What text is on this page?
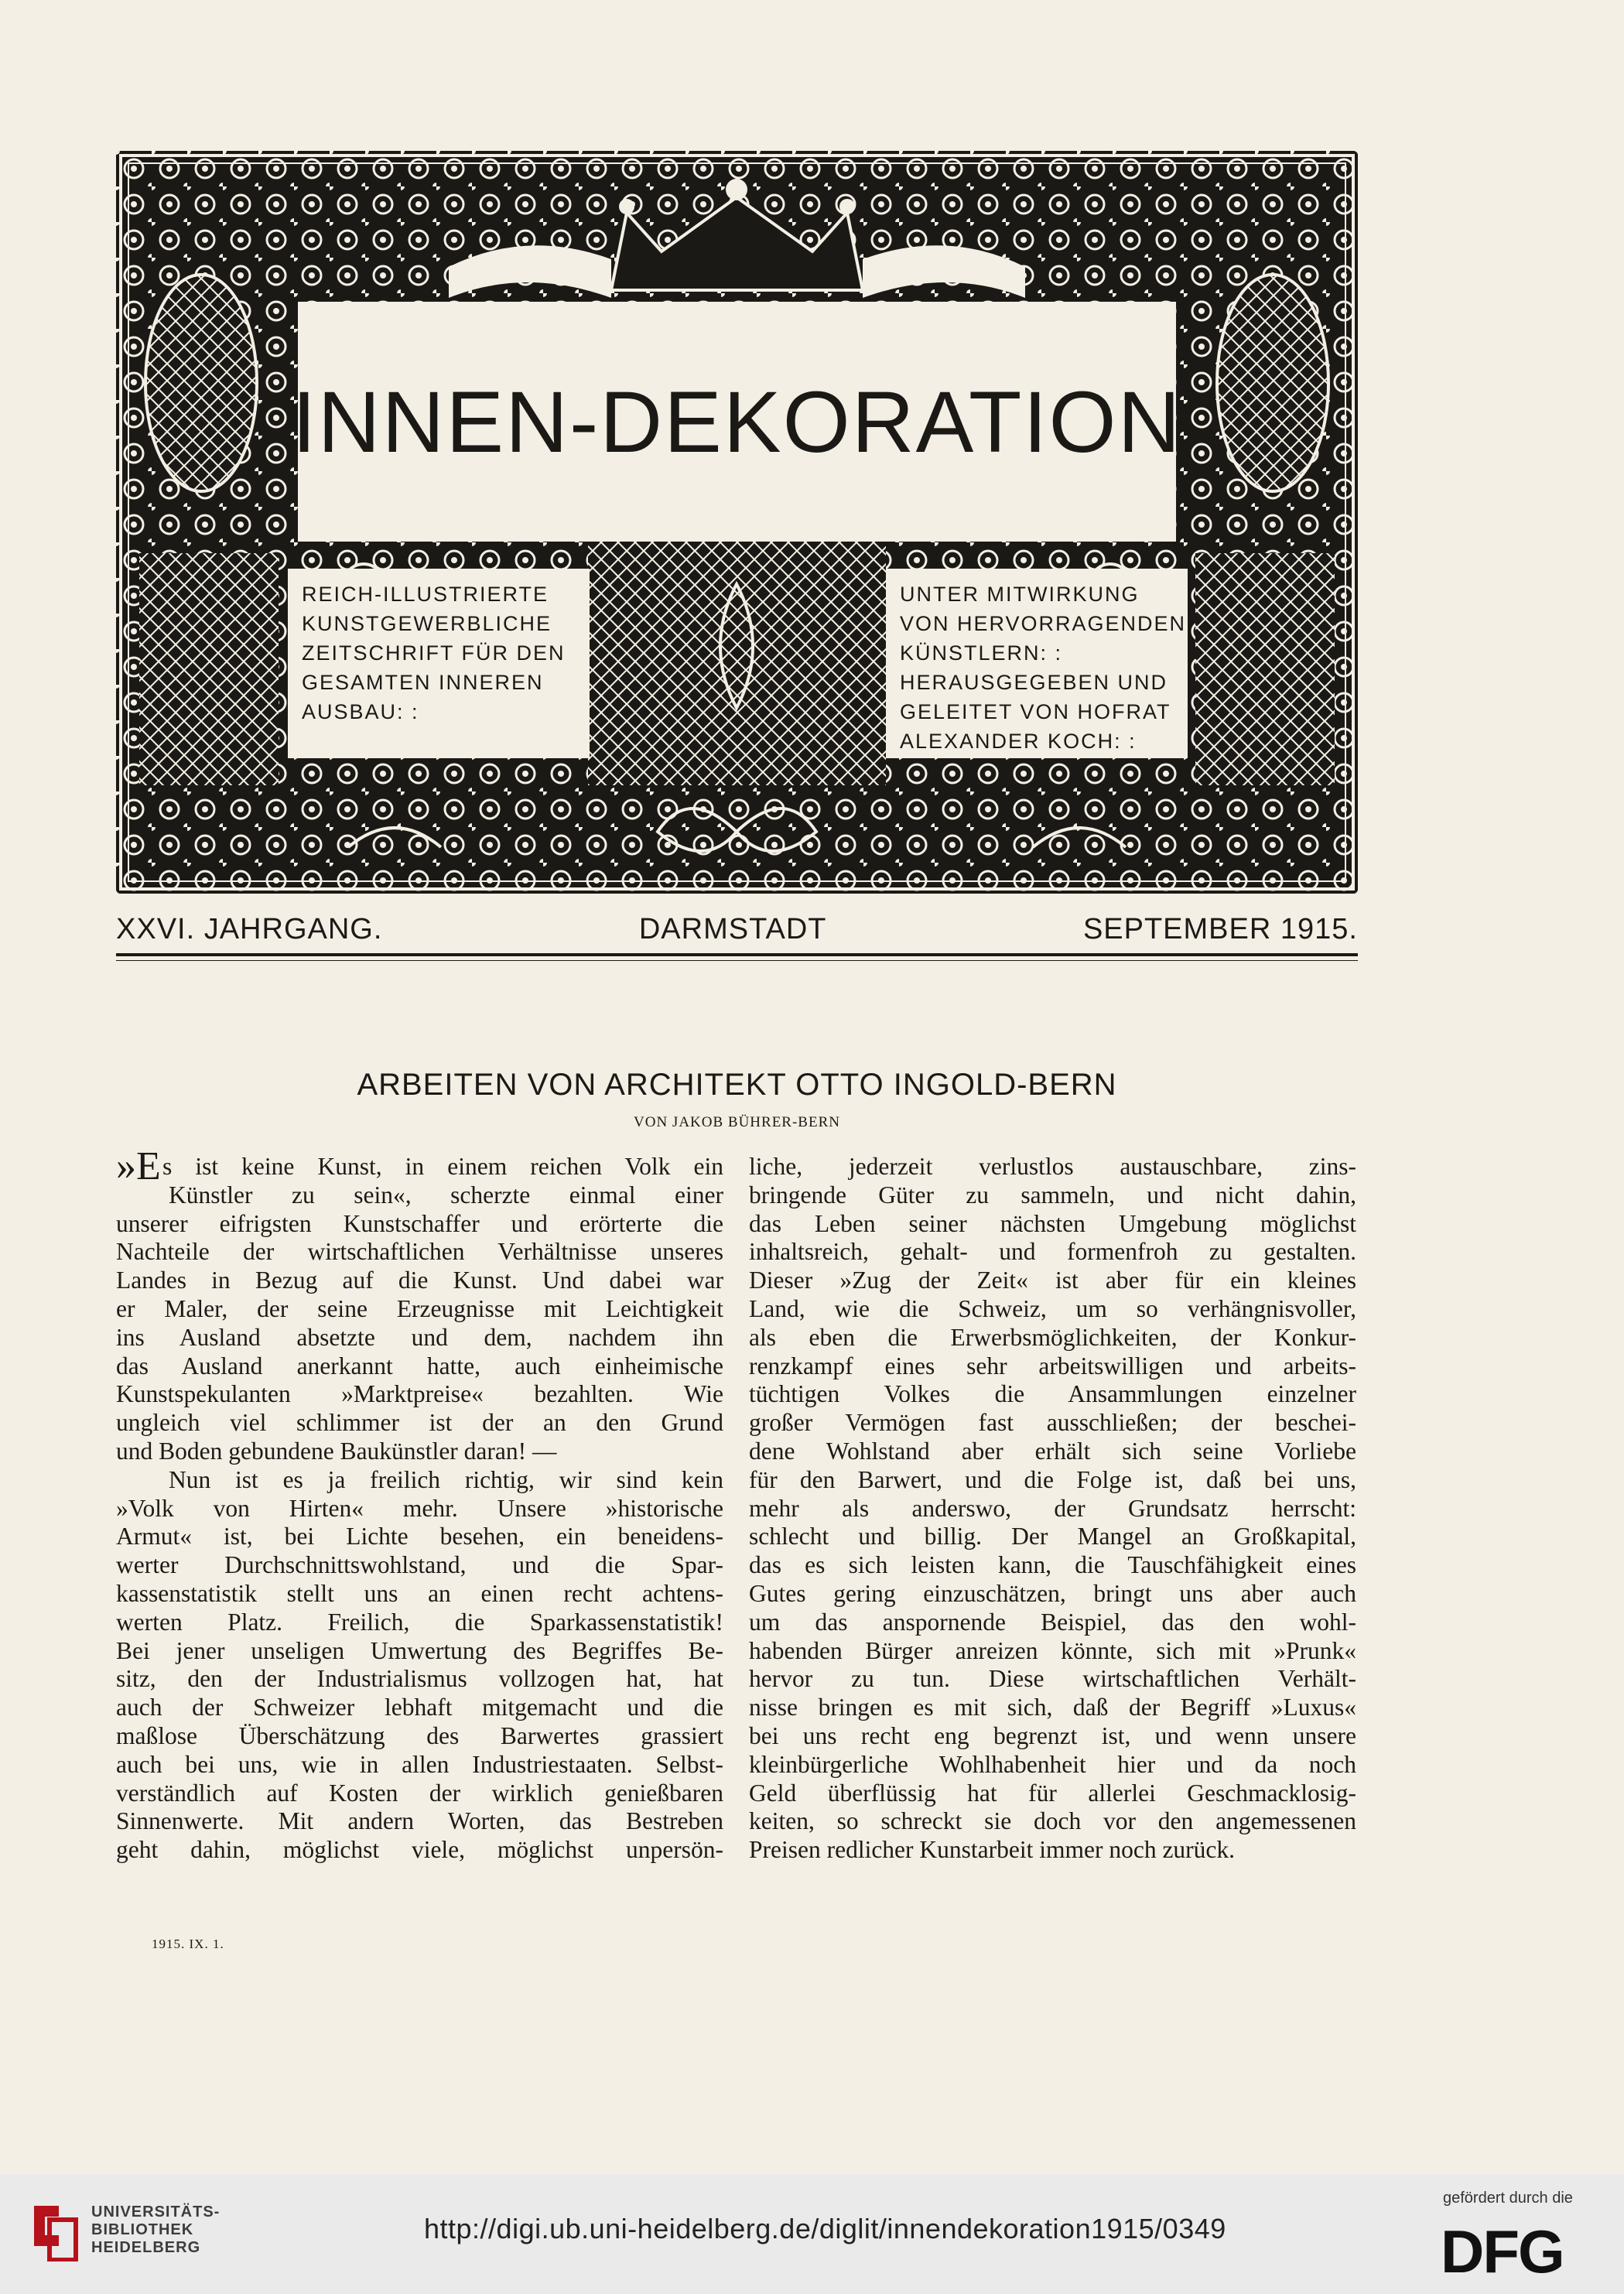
INNEN-DEKORATION
REICH-ILLUSTRIERTE
KUNSTGEWERBLICHE
ZEITSCHRIFT FÜR DEN
GESAMTEN INNEREN
AUSBAU: :
UNTER MITWIRKUNG
VON HERVORRAGENDEN
KÜNSTLERN: :
HERAUSGEGEBEN UND
GELEITET VON HOFRAT
ALEXANDER KOCH: :
XXVI. JAHRGANG.	DARMSTADT	SEPTEMBER 1915.
ARBEITEN VON ARCHITEKT OTTO INGOLD-BERN
VON JAKOB BÜHRER-BERN
»Es ist keine Kunst, in einem reichen Volk ein
Künstler zu sein«, scherzte einmal einer
unserer eifrigsten Kunstschaffer und erörterte die
Nachteile der wirtschaftlichen Verhältnisse unseres
Landes in Bezug auf die Kunst. Und dabei war
er Maler, der seine Erzeugnisse mit Leichtigkeit
ins Ausland absetzte und dem, nachdem ihn
das Ausland anerkannt hatte, auch einheimische
Kunstspekulanten »Marktpreise« bezahlten. Wie
ungleich viel schlimmer ist der an den Grund
und Boden gebundene Baukünstler daran! —
Nun ist es ja freilich richtig, wir sind kein
»Volk von Hirten« mehr. Unsere »historische
Armut« ist, bei Lichte besehen, ein beneidens-
werter Durchschnittswohlstand, und die Spar-
kassenstatistik stellt uns an einen recht achtens-
werten Platz. Freilich, die Sparkassenstatistik!
Bei jener unseligen Umwertung des Begriffes Be-
sitz, den der Industrialismus vollzogen hat, hat
auch der Schweizer lebhaft mitgemacht und die
maßlose Überschätzung des Barwertes grassiert
auch bei uns, wie in allen Industriestaaten. Selbst-
verständlich auf Kosten der wirklich genießbaren
Sinnenwerte. Mit andern Worten, das Bestreben
geht dahin, möglichst viele, möglichst unpersön-
liche, jederzeit verlustlos austauschbare, zins-
bringende Güter zu sammeln, und nicht dahin,
das Leben seiner nächsten Umgebung möglichst
inhaltsreich, gehalt- und formenfroh zu gestalten.
Dieser »Zug der Zeit« ist aber für ein kleines
Land, wie die Schweiz, um so verhängnisvoller,
als eben die Erwerbsmöglichkeiten, der Konkur-
renzkampf eines sehr arbeitswilligen und arbeits-
tüchtigen Volkes die Ansammlungen einzelner
großer Vermögen fast ausschließen; der beschei-
dene Wohlstand aber erhält sich seine Vorliebe
für den Barwert, und die Folge ist, daß bei uns,
mehr als anderswo, der Grundsatz herrscht:
schlecht und billig. Der Mangel an Großkapital,
das es sich leisten kann, die Tauschfähigkeit eines
Gutes gering einzuschätzen, bringt uns aber auch
um das anspornende Beispiel, das den wohl-
habenden Bürger anreizen könnte, sich mit »Prunk«
hervor zu tun. Diese wirtschaftlichen Verhält-
nisse bringen es mit sich, daß der Begriff »Luxus«
bei uns recht eng begrenzt ist, und wenn unsere
kleinbürgerliche Wohlhabenheit hier und da noch
Geld überflüssig hat für allerlei Geschmacklosig-
keiten, so schreckt sie doch vor den angemessenen
Preisen redlicher Kunstarbeit immer noch zurück.
1915. IX. 1.
UNIVERSITÄTS-
BIBLIOTHEK
HEIDELBERG
http://digi.ub.uni-heidelberg.de/diglit/innendekoration1915/0349
gefördert durch die
DFG
